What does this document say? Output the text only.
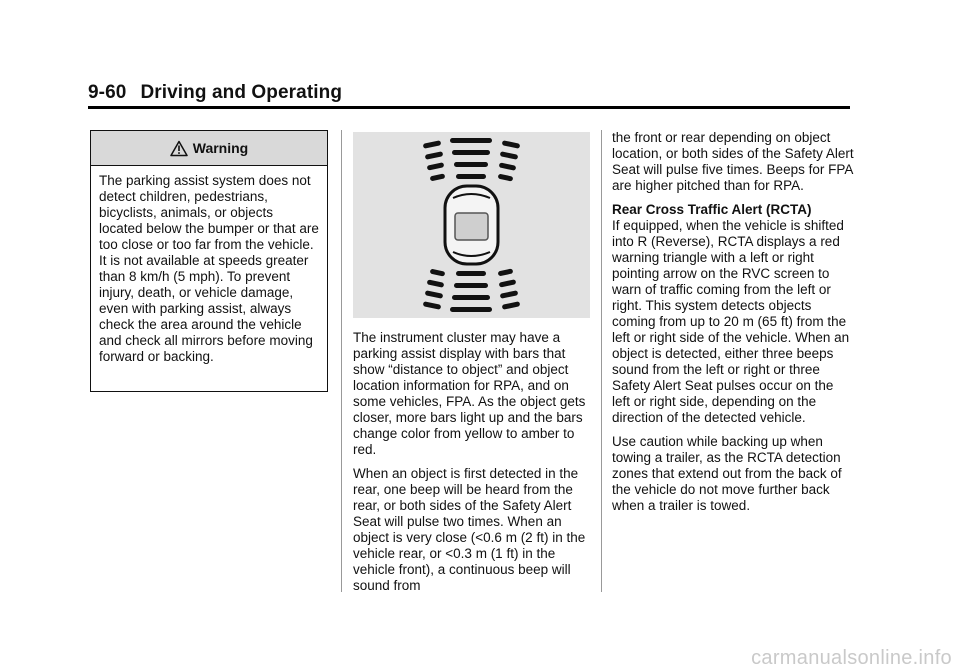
9-60 Driving and Operating
Warning

The parking assist system does not detect children, pedestrians, bicyclists, animals, or objects located below the bumper or that are too close or too far from the vehicle. It is not available at speeds greater than 8 km/h (5 mph). To prevent injury, death, or vehicle damage, even with parking assist, always check the area around the vehicle and check all mirrors before moving forward or backing.

The instrument cluster may have a parking assist display with bars that show “distance to object” and object location information for RPA, and on some vehicles, FPA. As the object gets closer, more bars light up and the bars change color from yellow to amber to red.

When an object is first detected in the rear, one beep will be heard from the rear, or both sides of the Safety Alert Seat will pulse two times. When an object is very close (<0.6 m (2 ft) in the vehicle rear, or <0.3 m (1 ft) in the vehicle front), a continuous beep will sound from

the front or rear depending on object location, or both sides of the Safety Alert Seat will pulse five times. Beeps for FPA are higher pitched than for RPA.

Rear Cross Traffic Alert (RCTA)

If equipped, when the vehicle is shifted into R (Reverse), RCTA displays a red warning triangle with a left or right pointing arrow on the RVC screen to warn of traffic coming from the left or right. This system detects objects coming from up to 20 m (65 ft) from the left or right side of the vehicle. When an object is detected, either three beeps sound from the left or right or three Safety Alert Seat pulses occur on the left or right side, depending on the direction of the detected vehicle.

Use caution while backing up when towing a trailer, as the RCTA detection zones that extend out from the back of the vehicle do not move further back when a trailer is towed.

carmanualsonline.info
